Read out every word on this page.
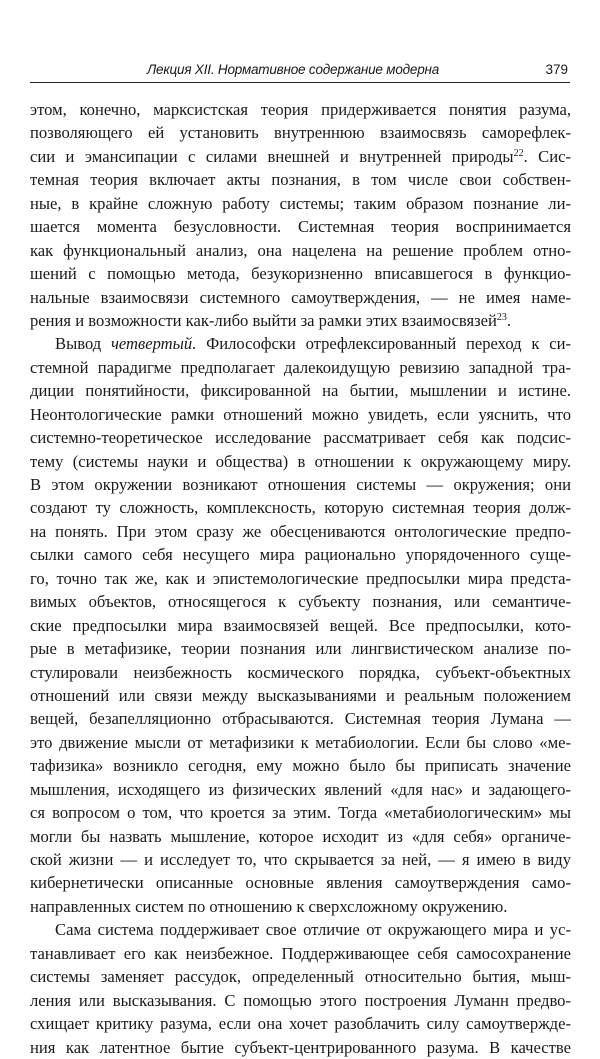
Лекция XII. Нормативное содержание модерна	379
этом, конечно, марксистская теория придерживается понятия разума,
позволяющего ей установить внутреннюю взаимосвязь саморефлек-
сии и эмансипации с силами внешней и внутренней природы$^{22}$. Сис-
темная теория включает акты познания, в том числе свои собствен-
ные, в крайне сложную работу системы; таким образом познание ли-
шается момента безусловности. Системная теория воспринимается
как функциональный анализ, она нацелена на решение проблем отно-
шений с помощью метода, безукоризненно вписавшегося в функцио-
нальные взаимосвязи системного самоутверждения, — не имея наме-
рения и возможности как-либо выйти за рамки этих взаимосвязей$^{23}$.
Вывод четвертый. Философски отрефлексированный переход к си-
стемной парадигме предполагает далекоидущую ревизию западной тра-
диции понятийности, фиксированной на бытии, мышлении и истине.
Неонтологические рамки отношений можно увидеть, если уяснить, что
системно-теоретическое исследование рассматривает себя как подсис-
тему (системы науки и общества) в отношении к окружающему миру.
В этом окружении возникают отношения системы — окружения; они
создают ту сложность, комплексность, которую системная теория долж-
на понять. При этом сразу же обесцениваются онтологические предпо-
сылки самого себя несущего мира рационально упорядоченного суще-
го, точно так же, как и эпистемологические предпосылки мира предста-
вимых объектов, относящегося к субъекту познания, или семантиче-
ские предпосылки мира взаимосвязей вещей. Все предпосылки, кото-
рые в метафизике, теории познания или лингвистическом анализе по-
стулировали неизбежность космического порядка, субъект-объектных
отношений или связи между высказываниями и реальным положением
вещей, безапелляционно отбрасываются. Системная теория Лумана —
это движение мысли от метафизики к метабиологии. Если бы слово «ме-
тафизика» возникло сегодня, ему можно было бы приписать значение
мышления, исходящего из физических явлений «для нас» и задающего-
ся вопросом о том, что кроется за этим. Тогда «метабиологическим» мы
могли бы назвать мышление, которое исходит из «для себя» органиче-
ской жизни — и исследует то, что скрывается за ней, — я имею в виду
кибернетически описанные основные явления самоутверждения само-
направленных систем по отношению к сверхсложному окружению.
Сама система поддерживает свое отличие от окружающего мира и ус-
танавливает его как неизбежное. Поддерживающее себя самосохранение
системы заменяет рассудок, определенный относительно бытия, мыш-
ления или высказывания. С помощью этого построения Луманн предво-
схищает критику разума, если она хочет разоблачить силу самоутвержде-
ния как латентное бытие субъект-центрированного разума. В качестве
